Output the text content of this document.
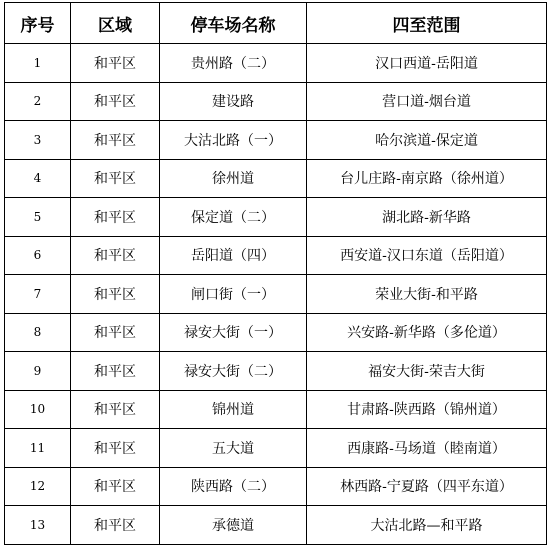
序号	区域	停车场名称	四至范围
1	和平区	贵州路（二）	汉口西道-岳阳道
2	和平区	建设路	营口道-烟台道
3	和平区	大沽北路（一）	哈尔滨道-保定道
4	和平区	徐州道	台儿庄路-南京路（徐州道）
5	和平区	保定道（二）	湖北路-新华路
6	和平区	岳阳道（四）	西安道-汉口东道（岳阳道）
7	和平区	闸口街（一）	荣业大街-和平路
8	和平区	禄安大街（一）	兴安路-新华路（多伦道）
9	和平区	禄安大街（二）	福安大街-荣吉大街
10	和平区	锦州道	甘肃路-陕西路（锦州道）
11	和平区	五大道	西康路-马场道（睦南道）
12	和平区	陕西路（二）	林西路-宁夏路（四平东道）
13	和平区	承德道	大沽北路—和平路
